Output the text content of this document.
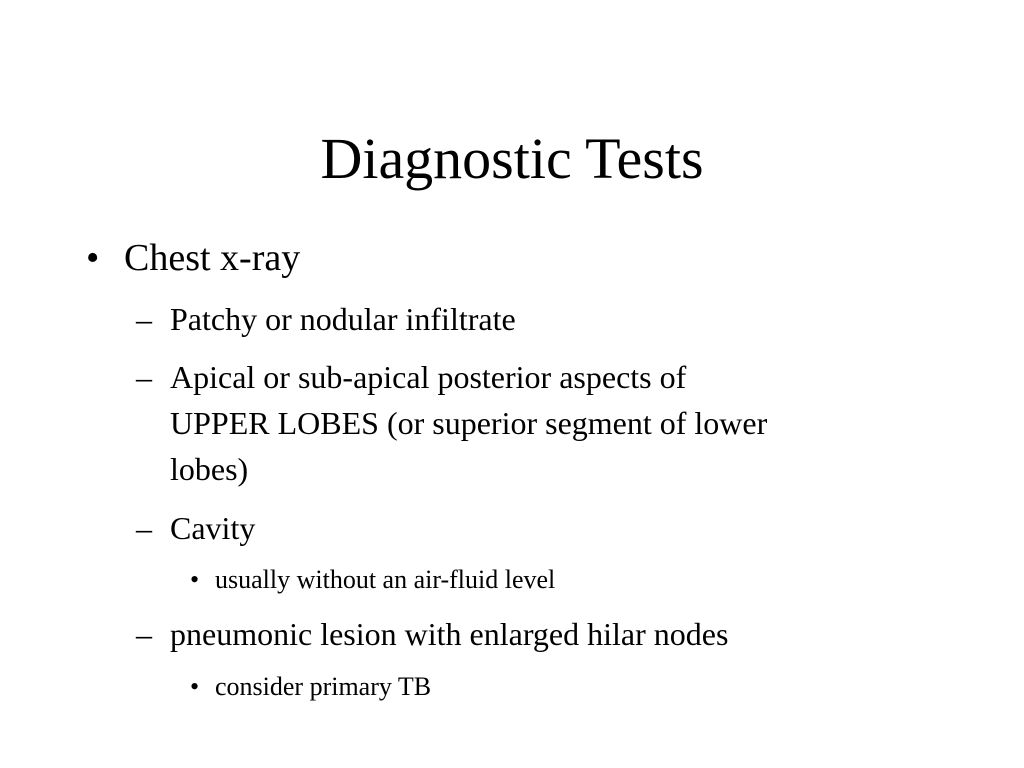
Diagnostic Tests
• Chest x-ray
– Patchy or nodular infiltrate
– Apical or sub-apical posterior aspects of
UPPER LOBES (or superior segment of lower
lobes)
– Cavity
• usually without an air-fluid level
– pneumonic lesion with enlarged hilar nodes
• consider primary TB
